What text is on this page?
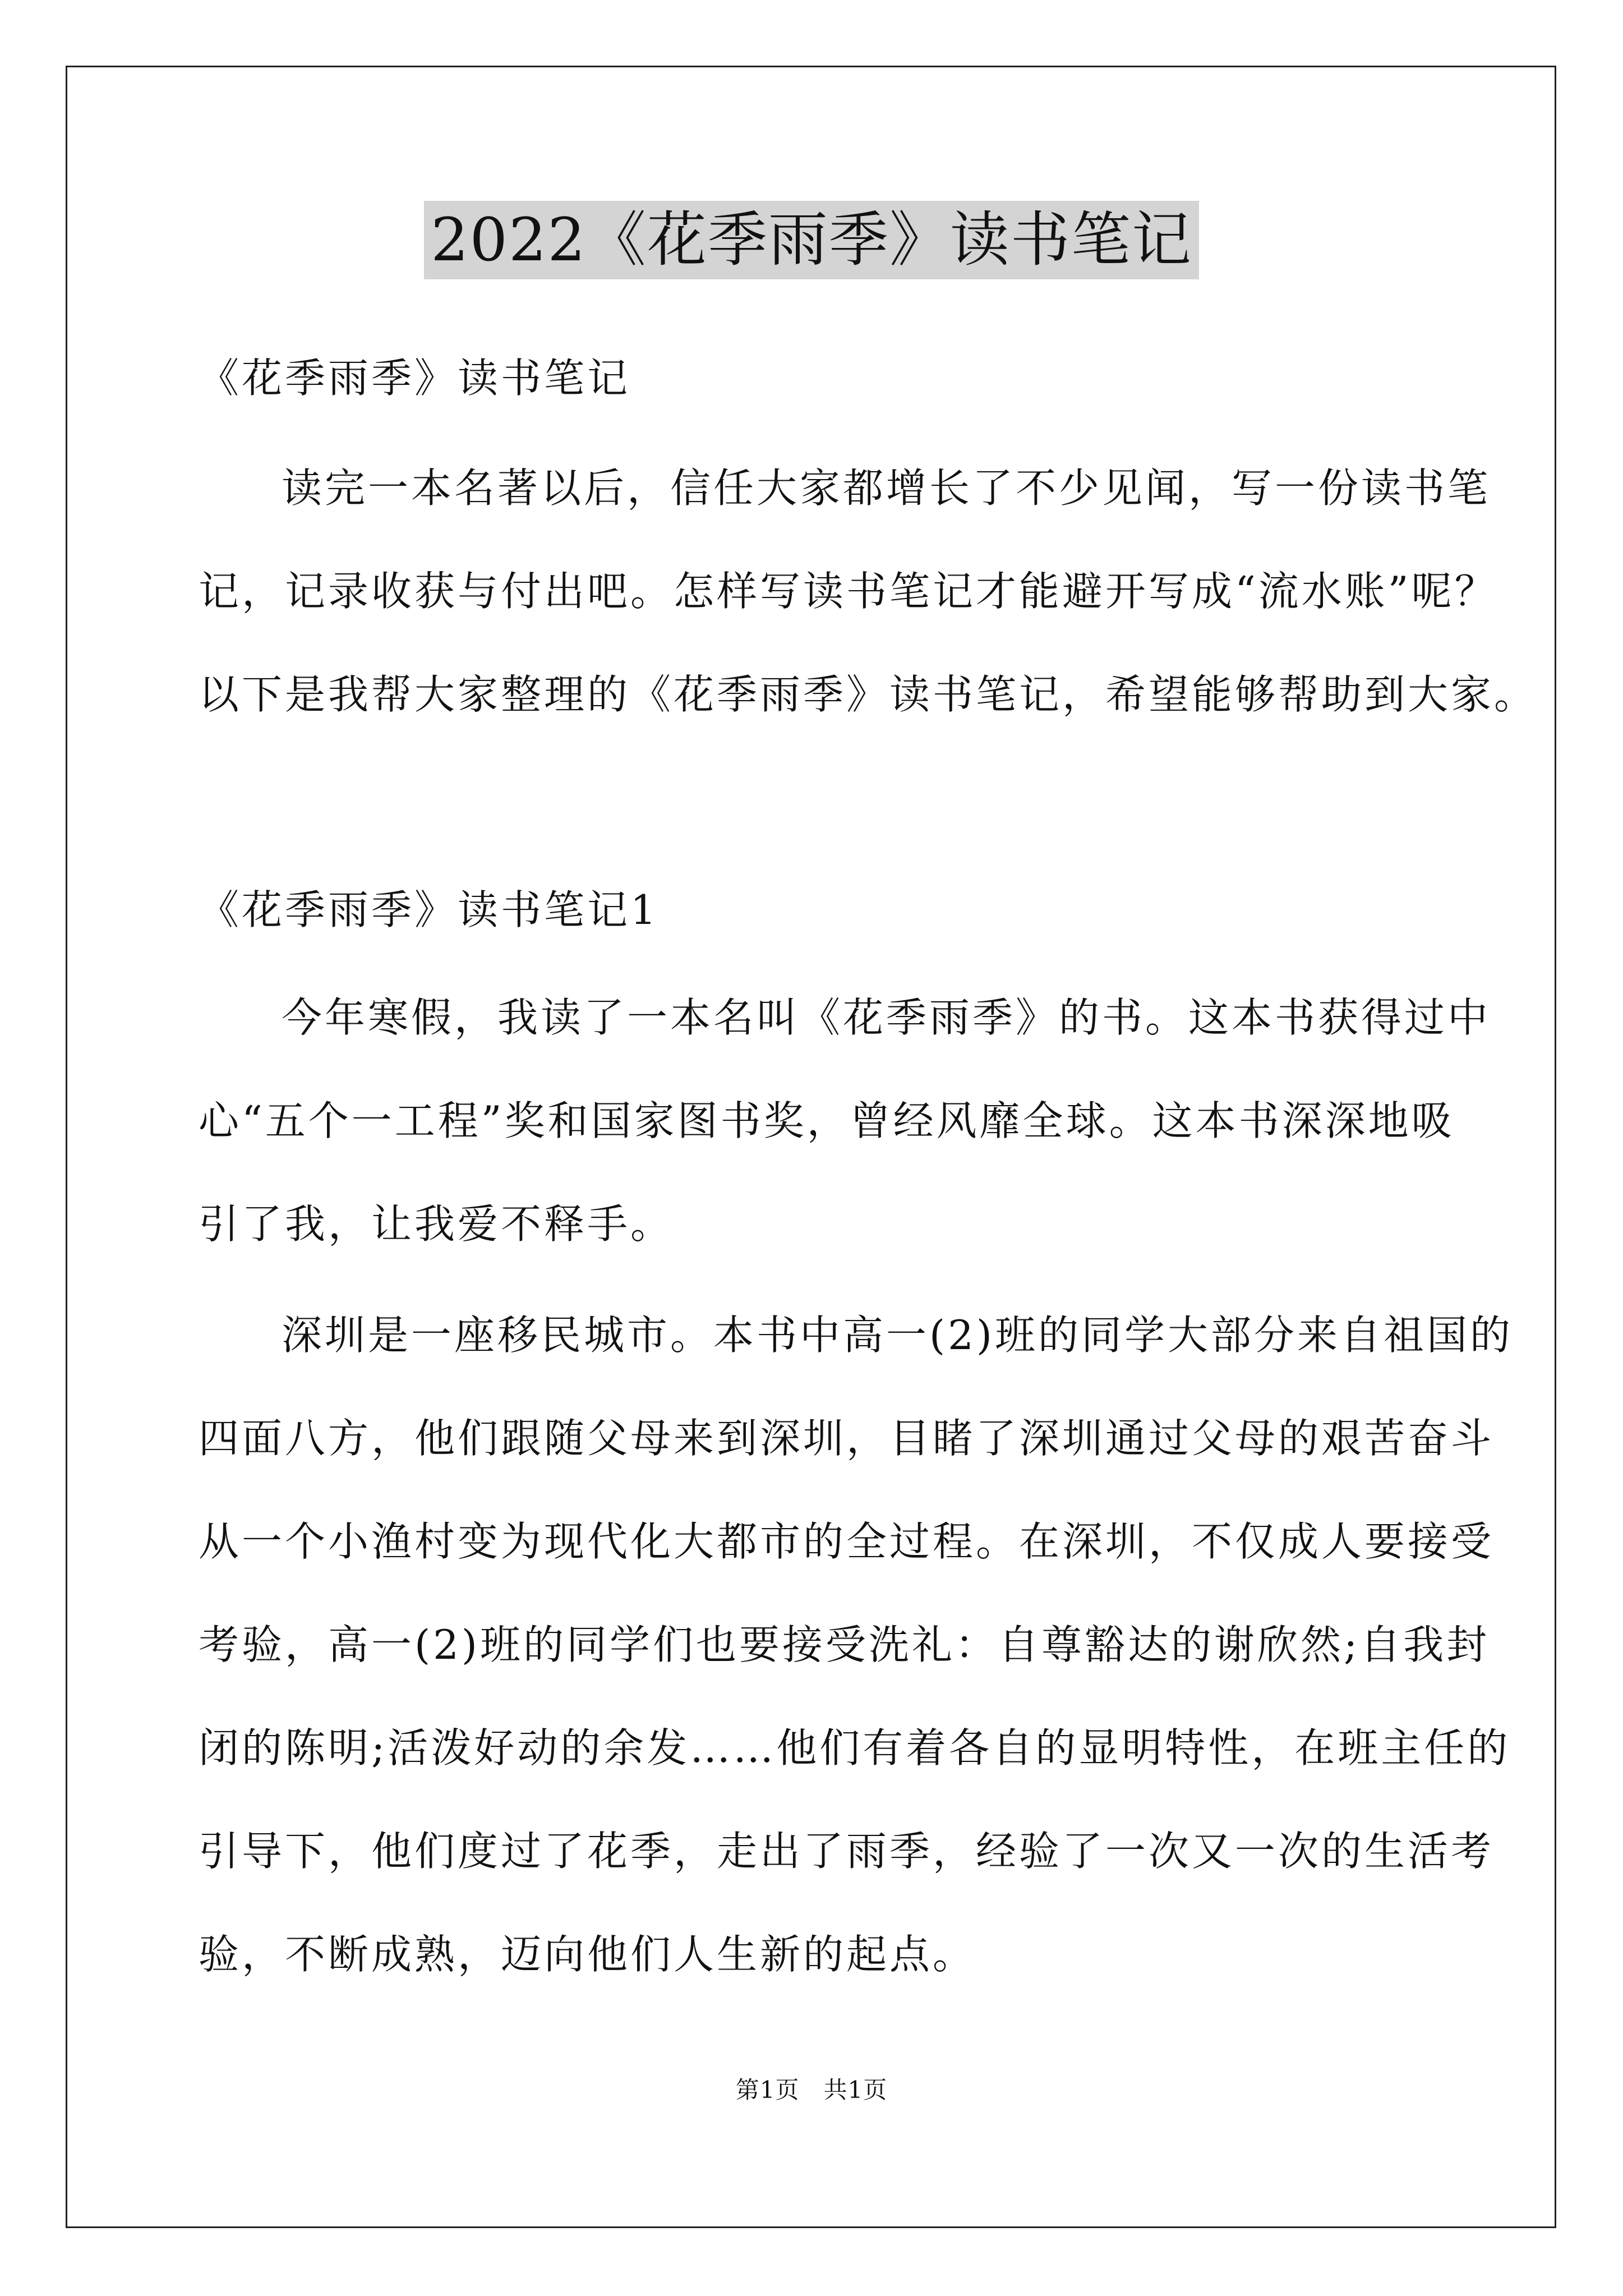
2022《花季雨季》读书笔记
《花季雨季》读书笔记
读完一本名著以后，信任大家都增长了不少见闻，写一份读书笔
记，记录收获与付出吧。怎样写读书笔记才能避开写成“流水账”呢？
以下是我帮大家整理的《花季雨季》读书笔记，希望能够帮助到大家。
《花季雨季》读书笔记1
今年寒假，我读了一本名叫《花季雨季》的书。这本书获得过中
心“五个一工程”奖和国家图书奖，曾经风靡全球。这本书深深地吸
引了我，让我爱不释手。
深圳是一座移民城市。本书中高一(2)班的同学大部分来自祖国的
四面八方，他们跟随父母来到深圳，目睹了深圳通过父母的艰苦奋斗
从一个小渔村变为现代化大都市的全过程。在深圳，不仅成人要接受
考验，高一(2)班的同学们也要接受洗礼：自尊豁达的谢欣然;自我封
闭的陈明;活泼好动的余发……他们有着各自的显明特性，在班主任的
引导下，他们度过了花季，走出了雨季，经验了一次又一次的生活考
验，不断成熟，迈向他们人生新的起点。
第1页　共1页
